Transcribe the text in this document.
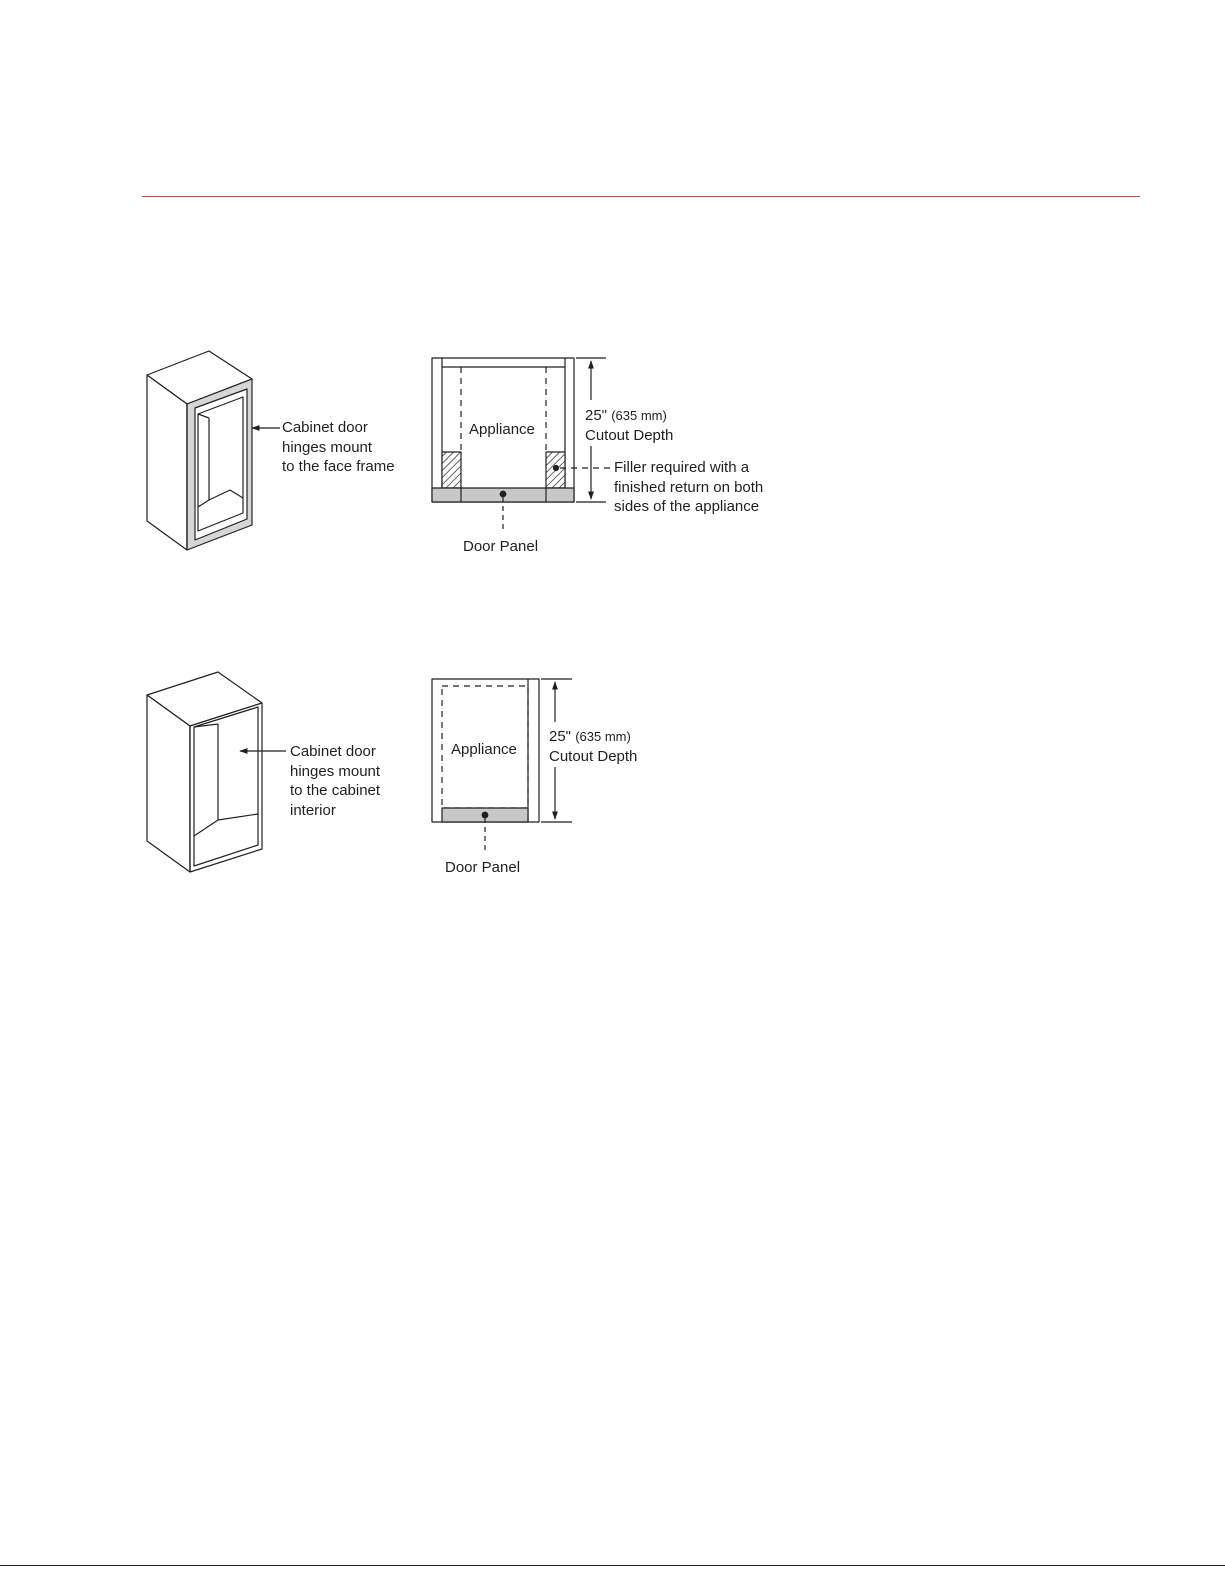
Cabinet door
hinges mount
to the face frame
Appliance
25" (635 mm)
Cutout Depth
Filler required with a
finished return on both
sides of the appliance
Door Panel
Cabinet door
hinges mount
to the cabinet
interior
Appliance
25" (635 mm)
Cutout Depth
Door Panel
